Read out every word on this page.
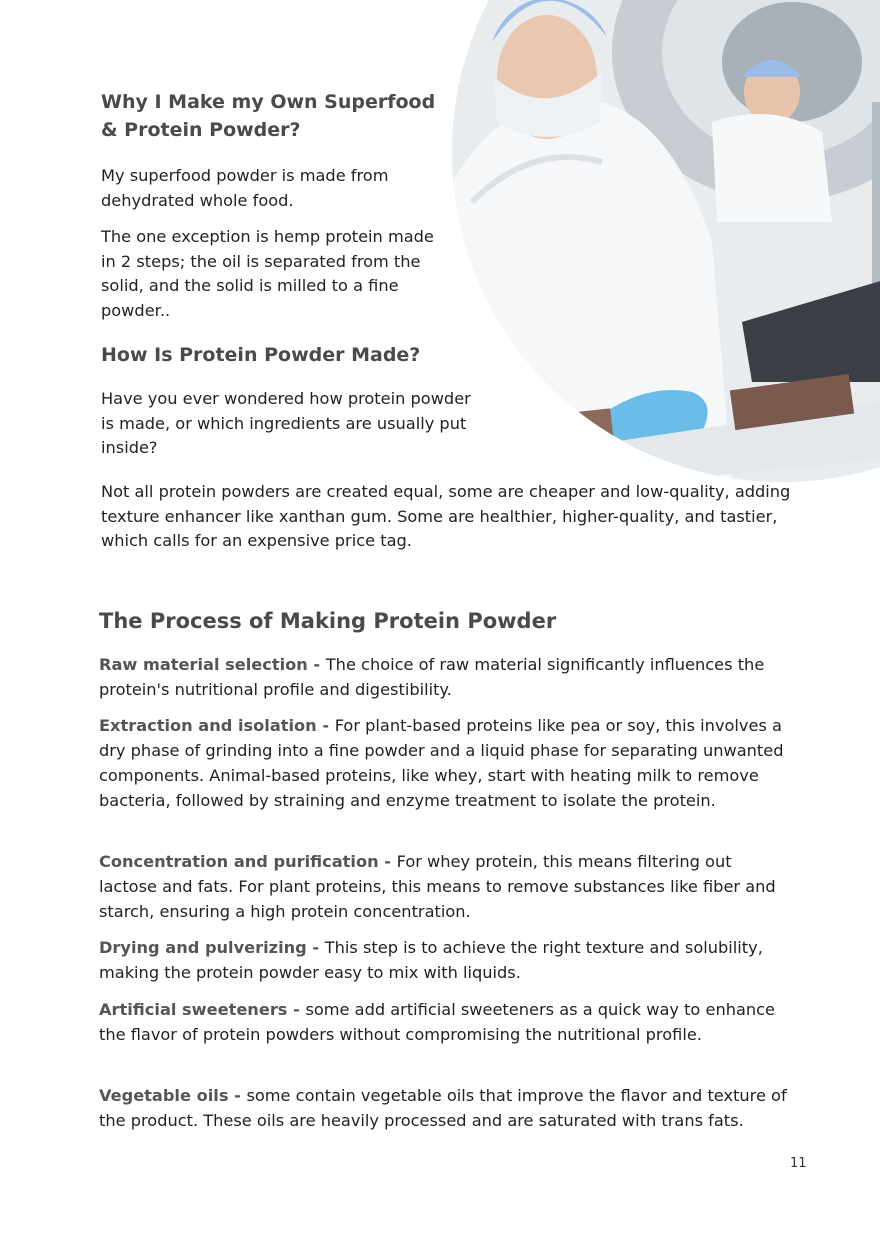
Why I Make my Own Superfood & Protein Powder?

My superfood powder is made from dehydrated whole food.

The one exception is hemp protein made in 2 steps; the oil is separated from the solid, and the solid is milled to a fine powder..

How Is Protein Powder Made?

Have you ever wondered how protein powder is made, or which ingredients are usually put inside?

Not all protein powders are created equal, some are cheaper and low-quality, adding texture enhancer like xanthan gum. Some are healthier, higher-quality, and tastier, which calls for an expensive price tag.

The Process of Making Protein Powder

Raw material selection - The choice of raw material significantly influences the protein's nutritional profile and digestibility.

Extraction and isolation - For plant-based proteins like pea or soy, this involves a dry phase of grinding into a fine powder and a liquid phase for separating unwanted components. Animal-based proteins, like whey, start with heating milk to remove bacteria, followed by straining and enzyme treatment to isolate the protein.

Concentration and purification - For whey protein, this means filtering out lactose and fats. For plant proteins, this means to remove substances like fiber and starch, ensuring a high protein concentration.

Drying and pulverizing - This step is to achieve the right texture and solubility, making the protein powder easy to mix with liquids.

Artificial sweeteners - some add artificial sweeteners as a quick way to enhance the flavor of protein powders without compromising the nutritional profile.

Vegetable oils - some contain vegetable oils that improve the flavor and texture of the product. These oils are heavily processed and are saturated with trans fats.

11
